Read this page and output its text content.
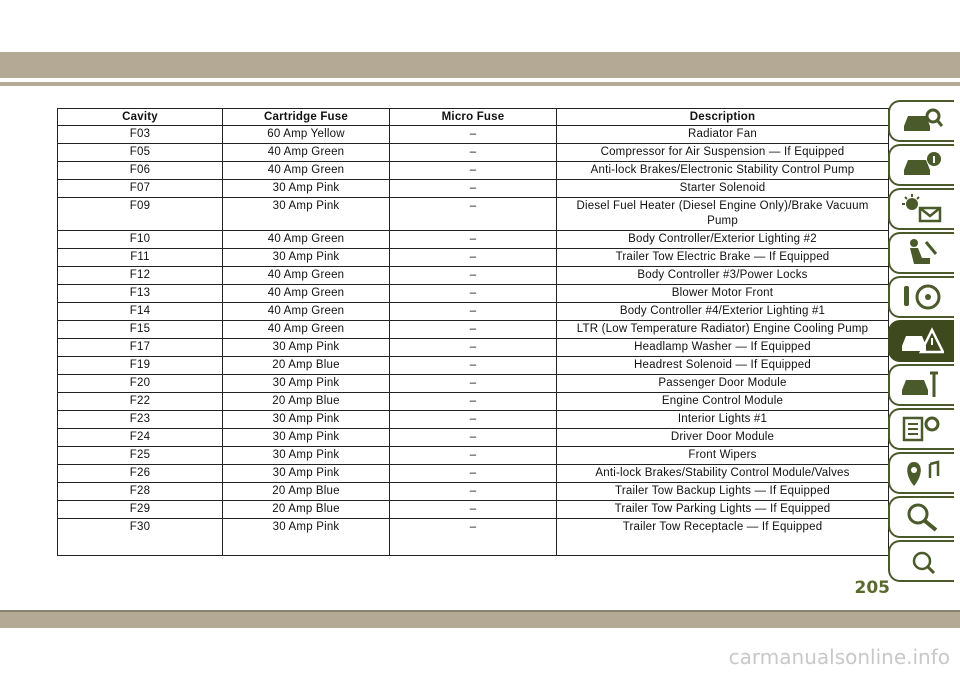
Cavity	Cartridge Fuse	Micro Fuse	Description
F03	60 Amp Yellow	–	Radiator Fan
F05	40 Amp Green	–	Compressor for Air Suspension — If Equipped
F06	40 Amp Green	–	Anti-lock Brakes/Electronic Stability Control Pump
F07	30 Amp Pink	–	Starter Solenoid
F09	30 Amp Pink	–	Diesel Fuel Heater (Diesel Engine Only)/Brake Vacuum Pump
F10	40 Amp Green	–	Body Controller/Exterior Lighting #2
F11	30 Amp Pink	–	Trailer Tow Electric Brake — If Equipped
F12	40 Amp Green	–	Body Controller #3/Power Locks
F13	40 Amp Green	–	Blower Motor Front
F14	40 Amp Green	–	Body Controller #4/Exterior Lighting #1
F15	40 Amp Green	–	LTR (Low Temperature Radiator) Engine Cooling Pump
F17	30 Amp Pink	–	Headlamp Washer — If Equipped
F19	20 Amp Blue	–	Headrest Solenoid — If Equipped
F20	30 Amp Pink	–	Passenger Door Module
F22	20 Amp Blue	–	Engine Control Module
F23	30 Amp Pink	–	Interior Lights #1
F24	30 Amp Pink	–	Driver Door Module
F25	30 Amp Pink	–	Front Wipers
F26	30 Amp Pink	–	Anti-lock Brakes/Stability Control Module/Valves
F28	20 Amp Blue	–	Trailer Tow Backup Lights — If Equipped
F29	20 Amp Blue	–	Trailer Tow Parking Lights — If Equipped
F30	30 Amp Pink	–	Trailer Tow Receptacle — If Equipped
205
carmanualsonline.info
